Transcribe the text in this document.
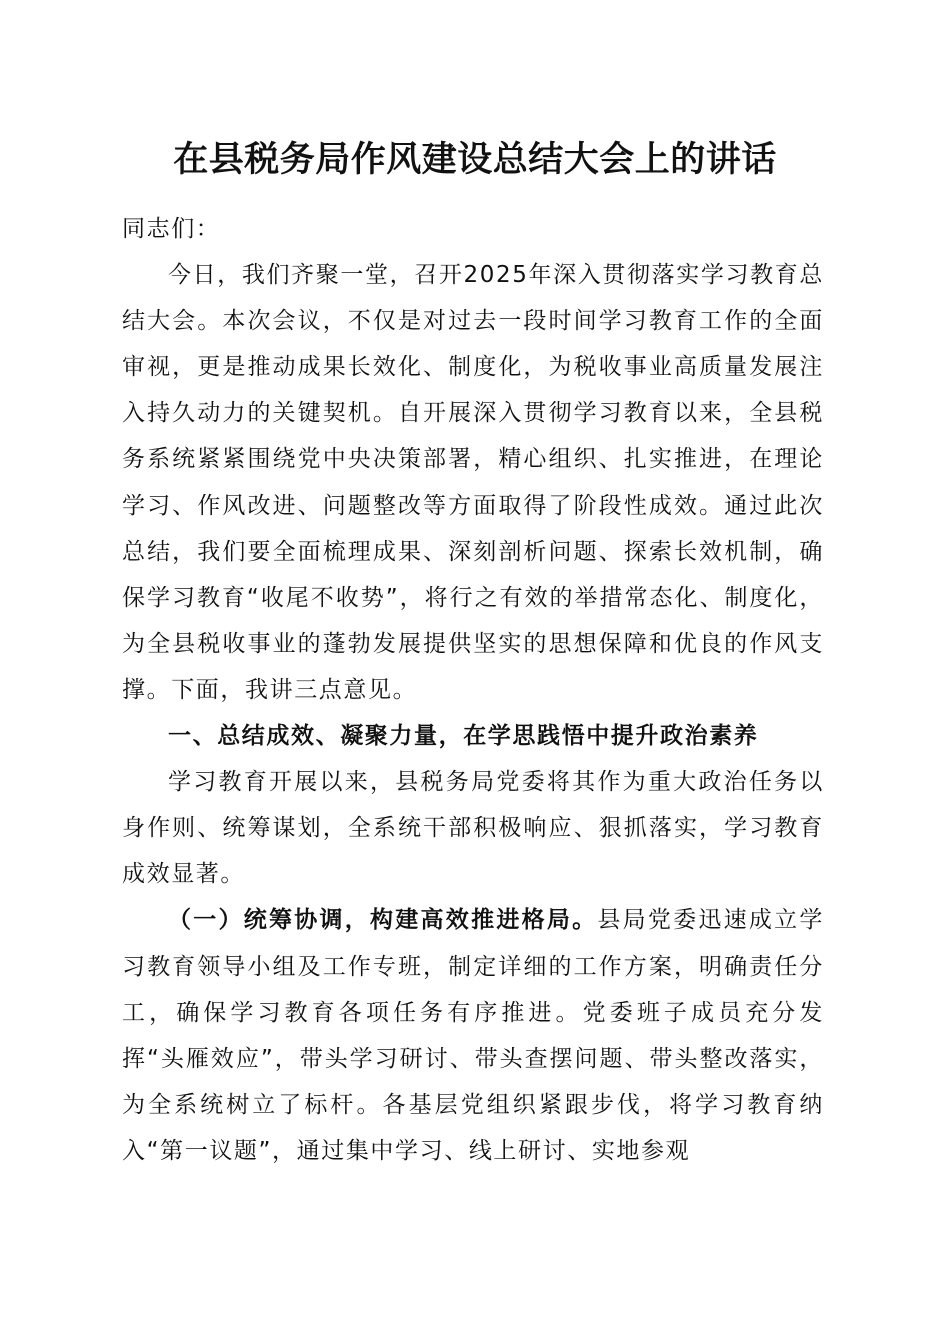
在县税务局作风建设总结大会上的讲话

同志们：

今日，我们齐聚一堂，召开2025年深入贯彻落实学习教育总结大会。本次会议，不仅是对过去一段时间学习教育工作的全面审视，更是推动成果长效化、制度化，为税收事业高质量发展注入持久动力的关键契机。自开展深入贯彻学习教育以来，全县税务系统紧紧围绕党中央决策部署，精心组织、扎实推进，在理论学习、作风改进、问题整改等方面取得了阶段性成效。通过此次总结，我们要全面梳理成果、深刻剖析问题、探索长效机制，确保学习教育“收尾不收势”，将行之有效的举措常态化、制度化，为全县税收事业的蓬勃发展提供坚实的思想保障和优良的作风支撑。下面，我讲三点意见。

一、总结成效、凝聚力量，在学思践悟中提升政治素养

学习教育开展以来，县税务局党委将其作为重大政治任务以身作则、统筹谋划，全系统干部积极响应、狠抓落实，学习教育成效显著。

（一）统筹协调，构建高效推进格局。县局党委迅速成立学习教育领导小组及工作专班，制定详细的工作方案，明确责任分工，确保学习教育各项任务有序推进。党委班子成员充分发挥“头雁效应”，带头学习研讨、带头查摆问题、带头整改落实，为全系统树立了标杆。各基层党组织紧跟步伐，将学习教育纳入“第一议题”，通过集中学习、线上研讨、实地参观
